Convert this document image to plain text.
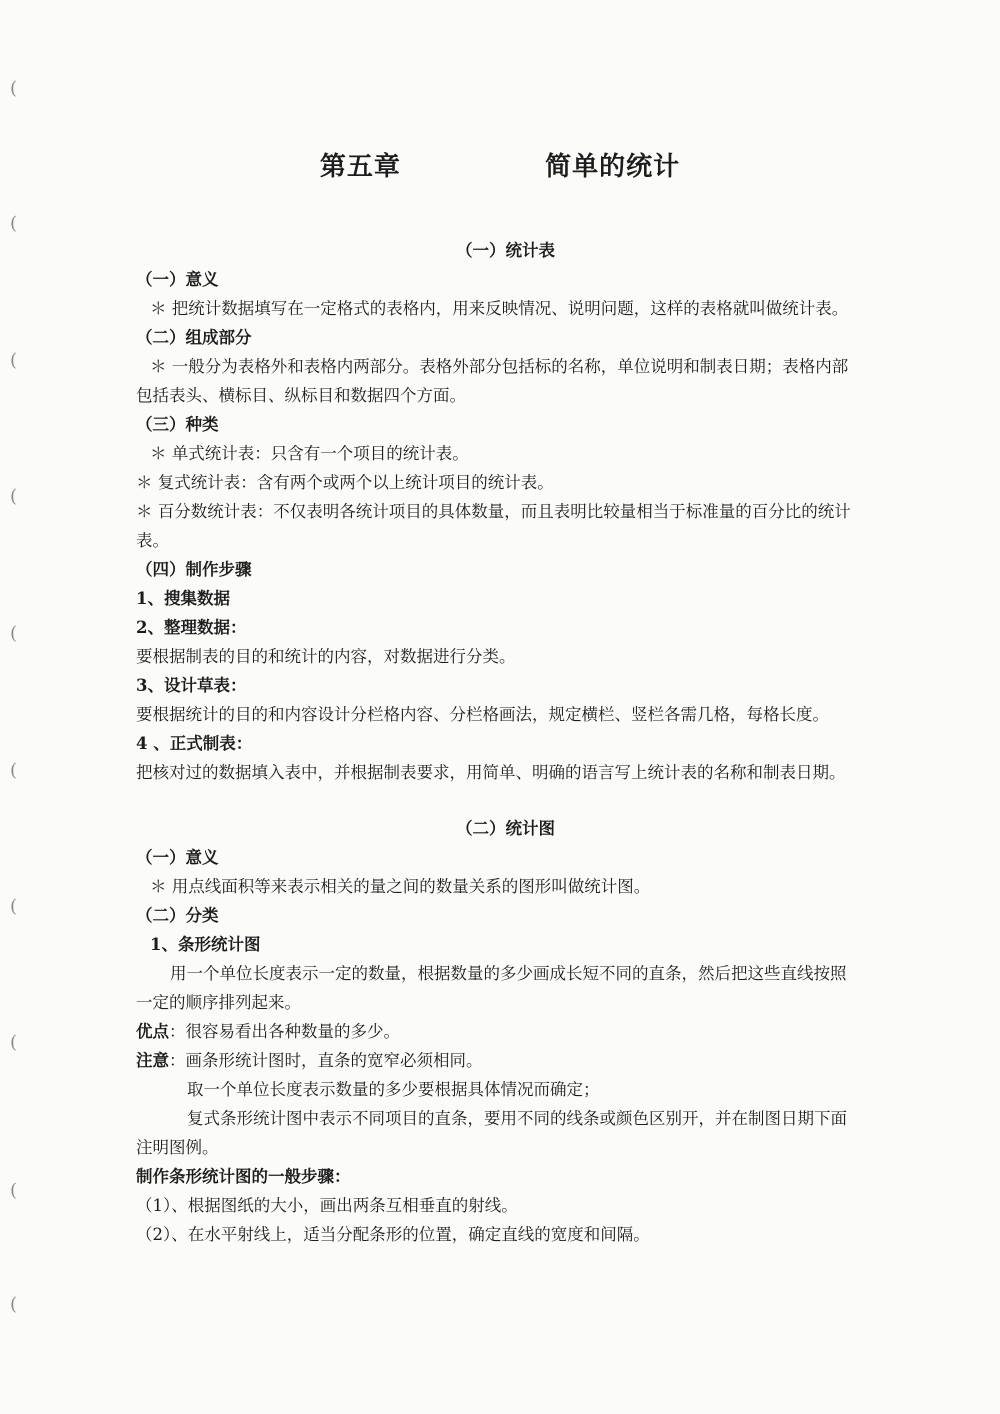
(
(
(
(
(
(
(
(
(
(
第五章    简单的统计
（一）统计表
（一）意义
＊ 把统计数据填写在一定格式的表格内，用来反映情况、说明问题，这样的表格就叫做统计表。
（二）组成部分
＊ 一般分为表格外和表格内两部分。表格外部分包括标的名称，单位说明和制表日期；表格内部
包括表头、横标目、纵标目和数据四个方面。
（三）种类
＊ 单式统计表：只含有一个项目的统计表。
＊ 复式统计表：含有两个或两个以上统计项目的统计表。
＊ 百分数统计表：不仅表明各统计项目的具体数量，而且表明比较量相当于标准量的百分比的统计
表。
（四）制作步骤
1、搜集数据
2、整理数据：
要根据制表的目的和统计的内容，对数据进行分类。
3、设计草表：
要根据统计的目的和内容设计分栏格内容、分栏格画法，规定横栏、竖栏各需几格，每格长度。
4 、正式制表：
把核对过的数据填入表中，并根据制表要求，用简单、明确的语言写上统计表的名称和制表日期。
（二）统计图
（一）意义
＊ 用点线面积等来表示相关的量之间的数量关系的图形叫做统计图。
（二）分类
1、条形统计图
用一个单位长度表示一定的数量，根据数量的多少画成长短不同的直条，然后把这些直线按照
一定的顺序排列起来。
优点：很容易看出各种数量的多少。
注意：画条形统计图时，直条的宽窄必须相同。
取一个单位长度表示数量的多少要根据具体情况而确定；
复式条形统计图中表示不同项目的直条，要用不同的线条或颜色区别开，并在制图日期下面
注明图例。
制作条形统计图的一般步骤：
（1）、根据图纸的大小，画出两条互相垂直的射线。
（2）、在水平射线上，适当分配条形的位置，确定直线的宽度和间隔。
